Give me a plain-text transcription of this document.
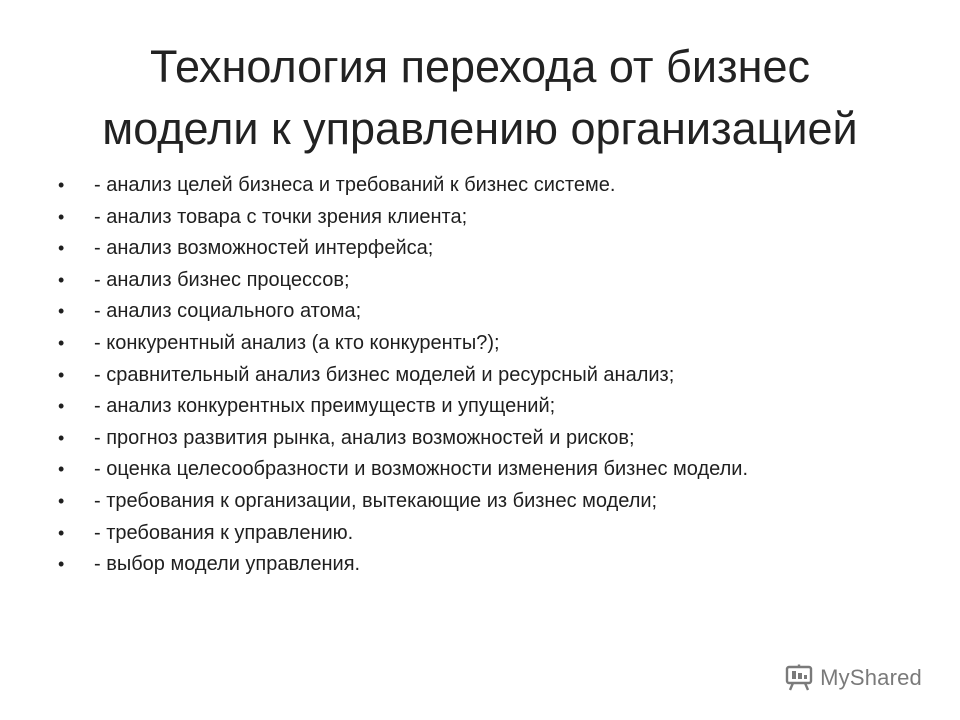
Технология перехода от бизнес
модели к управлению организацией
•	- анализ целей бизнеса и требований к бизнес системе.
•	- анализ товара с точки зрения клиента;
•	- анализ возможностей интерфейса;
•	- анализ бизнес процессов;
•	- анализ социального атома;
•	- конкурентный анализ (а кто конкуренты?);
•	- сравнительный анализ бизнес моделей и ресурсный анализ;
•	- анализ конкурентных преимуществ и упущений;
•	- прогноз развития рынка, анализ возможностей и рисков;
•	- оценка целесообразности и возможности изменения бизнес модели.
•	- требования к организации, вытекающие из бизнес модели;
•	- требования к управлению.
•	- выбор модели управления.
MyShared
